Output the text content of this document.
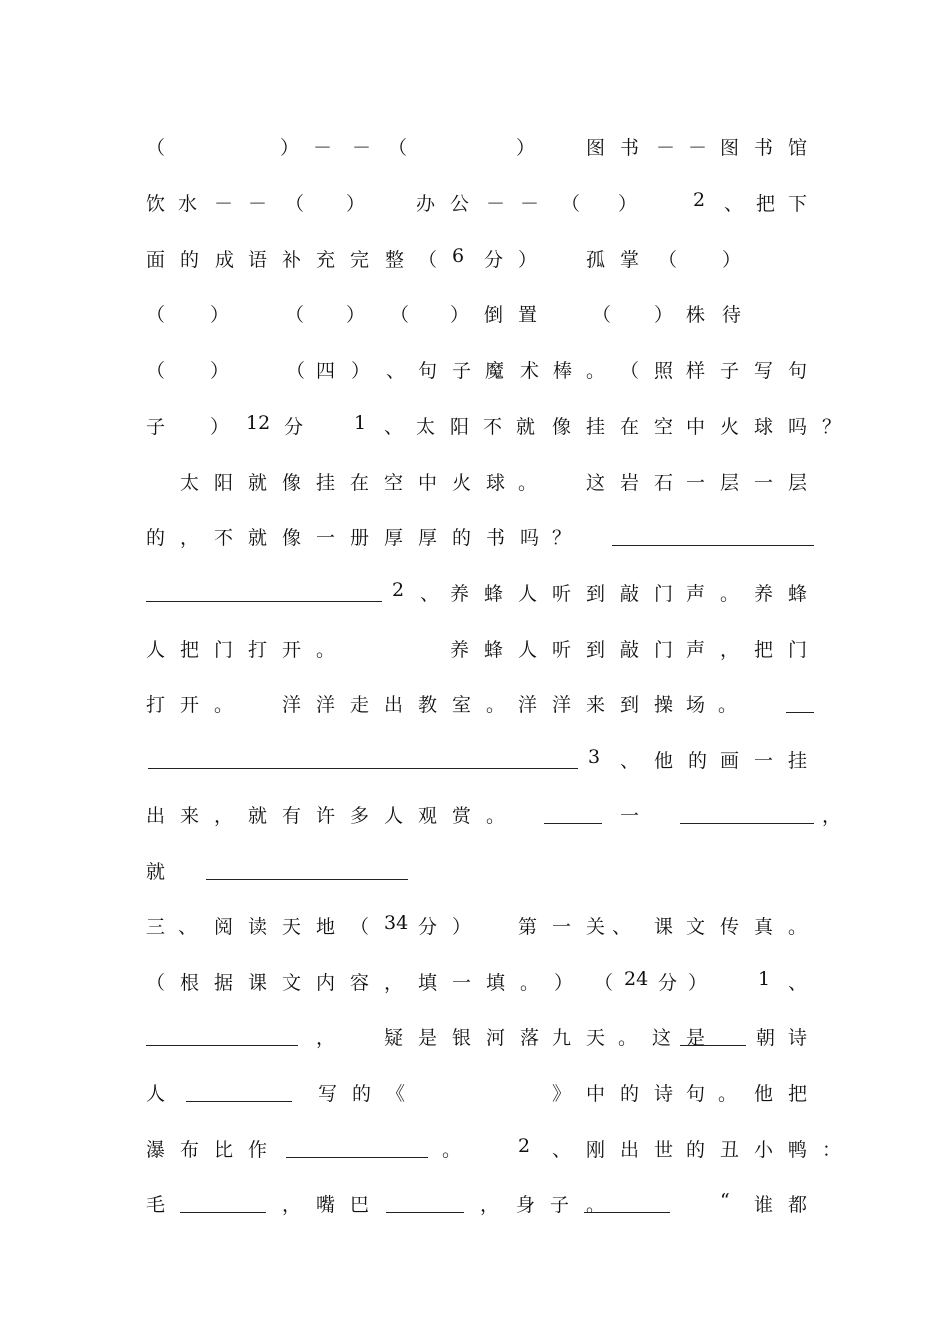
（	） － － （	）	图 书 － － 图 书 馆
饮 水 － － （ ）	办 公 － － （ ）	2 、 把 下
面 的 成 语 补 充 完 整 （ 6 分 ）	孤 掌 （ ）
（ ）	（ ） （ ） 倒 置	（ ） 株 待
（ ）	（ 四 ） 、 句 子 魔 术 棒 。 （ 照 样 子 写 句
子 ） 12 分	1 、 太 阳 不 就 像 挂 在 空 中 火 球 吗 ？
太 阳 就 像 挂 在 空 中 火 球 。	这 岩 石 一 层 一 层
的 ， 不 就 像 一 册 厚 厚 的 书 吗 ？
2 、 养 蜂 人 听 到 敲 门 声 。 养 蜂
人 把 门 打 开 。	养 蜂 人 听 到 敲 门 声 ， 把 门
打 开 。	洋 洋 走 出 教 室 。 洋 洋 来 到 操 场 。
3 、 他 的 画 一 挂
出 来 ， 就 有 许 多 人 观 赏 。	一	，
就
三 、 阅 读 天 地 （ 34 分 ） 第 一 关 、 课 文 传 真 。
（ 根 据 课 文 内 容 ， 填 一 填 。 ） （ 24 分 ）	1 、
，	疑 是 银 河 落 九 天 。 这 是	朝 诗
人	写 的 《	》 中 的 诗 句 。 他 把
瀑 布 比 作	。	2 、 刚 出 世 的 丑 小 鸭 ：
毛	， 嘴 巴	， 身 子 。	“ 谁 都
